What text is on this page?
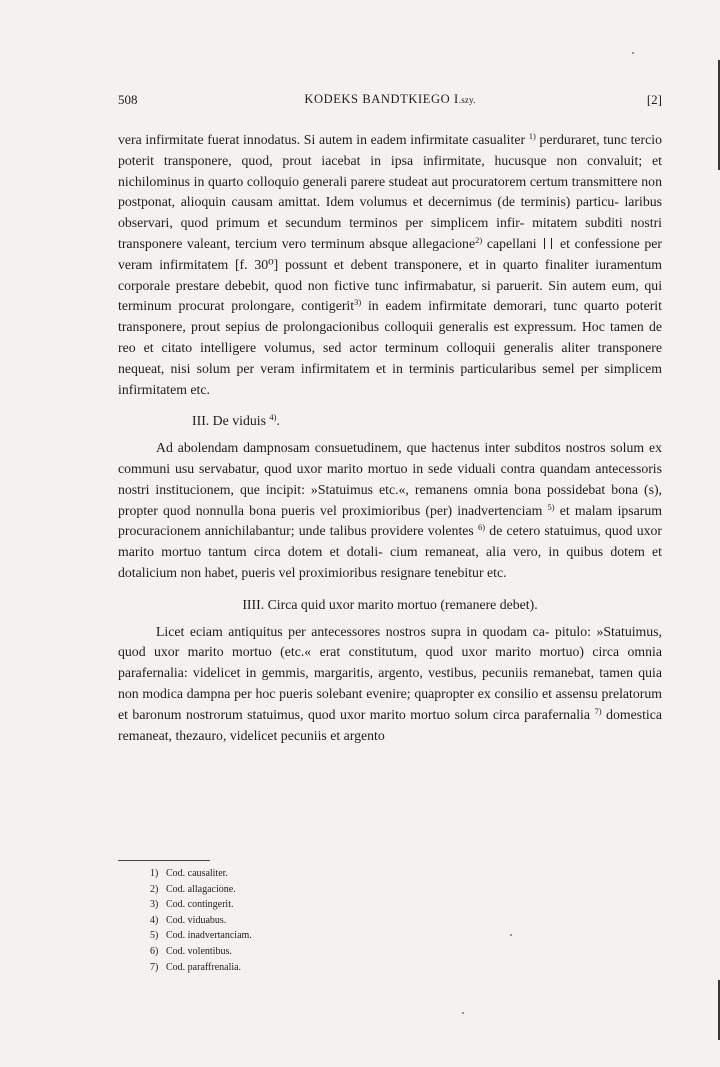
508	KODEKS BANDTKIEGO I.szy.	[2]

vera infirmitate fuerat innodatus. Si autem in eadem infirmitate casualiter $^{1)}$ perduraret, tunc tercio poterit transponere, quod, prout iacebat in ipsa infirmitate, hucusque non convaluit; et nichilominus in quarto colloquio generali parere studeat aut procuratorem certum transmittere non postponat, alioquin causam amittat. Idem volumus et decernimus (de terminis) particu- laribus observari, quod primum et secundum terminos per simplicem infir- mitatem subditi nostri transponere valeant, tercium vero terminum absque allegacione$^{2)}$ capellani et confessione per veram infirmitatem [f. 30⁰] possunt et debent transponere, et in quarto finaliter iuramentum corporale prestare debebit, quod non fictive tunc infirmabatur, si paruerit. Sin autem eum, qui terminum procurat prolongare, contigerit$^{3)}$ in eadem infirmitate demorari, tunc quarto poterit transponere, prout sepius de prolongacionibus colloquii generalis est expressum. Hoc tamen de reo et citato intelligere volumus, sed actor terminum colloquii generalis aliter transponere nequeat, nisi solum per veram infirmitatem et in terminis particularibus semel per simplicem infirmitatem etc.

III. De viduis $^{4)}$.

Ad abolendam dampnosam consuetudinem, que hactenus inter subditos nostros solum ex communi usu servabatur, quod uxor marito mortuo in sede viduali contra quandam antecessoris nostri institucionem, que incipit: »Statuimus etc.«, remanens omnia bona possidebat bona (s), propter quod nonnulla bona pueris vel proximioribus (per) inadvertenciam $^{5)}$ et malam ipsarum procuracionem annichilabantur; unde talibus providere volentes $^{6)}$ de cetero statuimus, quod uxor marito mortuo tantum circa dotem et dotali- cium remaneat, alia vero, in quibus dotem et dotalicium non habet, pueris vel proximioribus resignare tenebitur etc.

IIII. Circa quid uxor marito mortuo (remanere debet).

Licet eciam antiquitus per antecessores nostros supra in quodam ca- pitulo: »Statuimus, quod uxor marito mortuo (etc.« erat constitutum, quod uxor marito mortuo) circa omnia parafernalia: videlicet in gemmis, margaritis, argento, vestibus, pecuniis remanebat, tamen quia non modica dampna per hoc pueris solebant evenire; quapropter ex consilio et assensu prelatorum et baronum nostrorum statuimus, quod uxor marito mortuo solum circa parafernalia $^{7)}$ domestica remaneat, thezauro, videlicet pecuniis et argento

1) Cod. causaliter.
2) Cod. allagacione.
3) Cod. contingerit.
4) Cod. viduabus.
5) Cod. inadvertanciam.
6) Cod. volentibus.
7) Cod. paraffrenalia.
